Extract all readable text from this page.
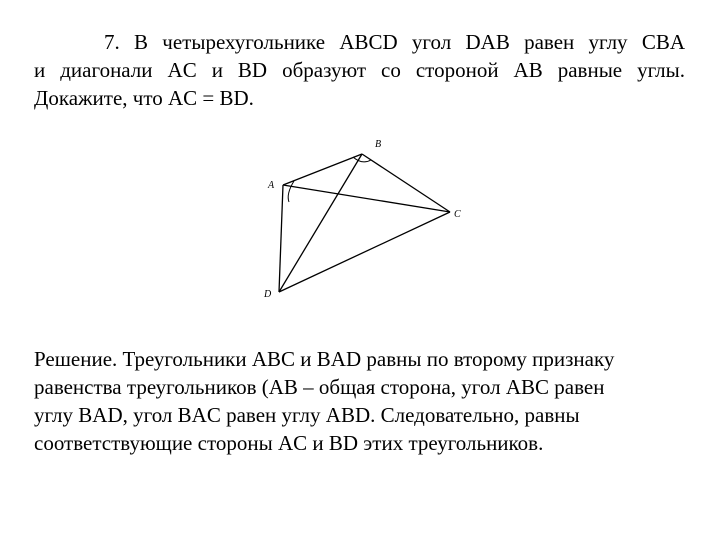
7. В четырехугольнике ABCD угол DAB равен углу CBA
и диагонали AC и BD образуют со стороной AB равные углы.
Докажите, что AC = BD.
A
B
C
D
Решение. Треугольники ABC и BAD равны по второму признаку
равенства треугольников (AB – общая сторона, угол ABC равен
углу BAD, угол BAC равен углу ABD. Следовательно, равны
соответствующие стороны AC и BD этих треугольников.
